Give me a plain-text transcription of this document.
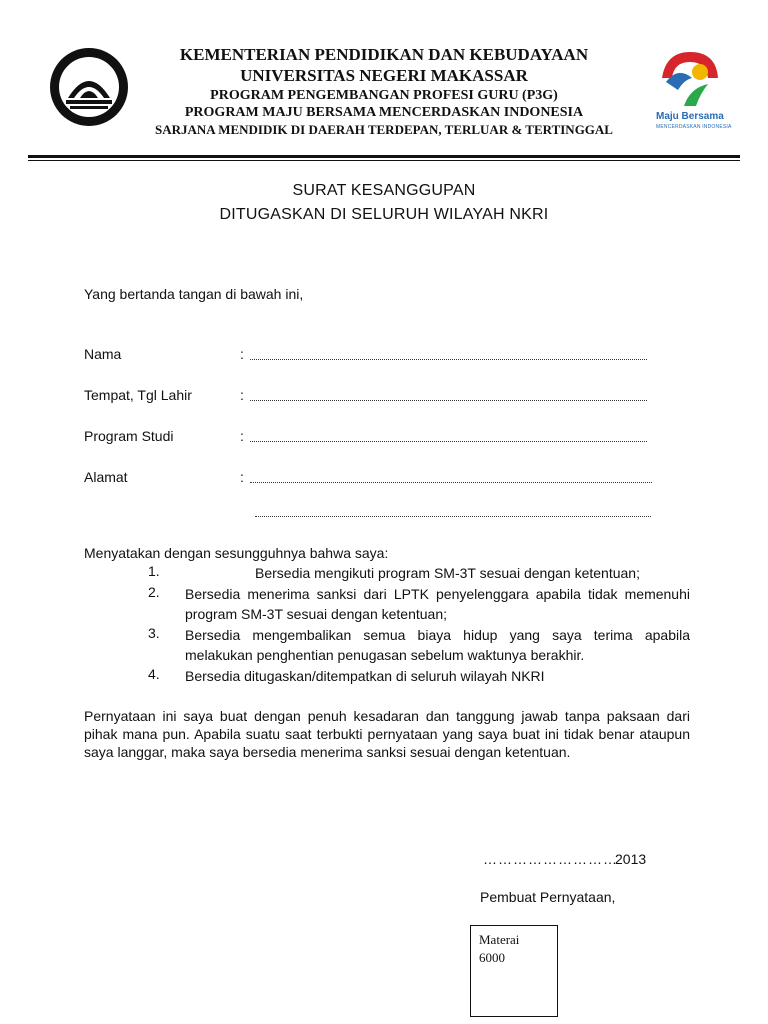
KEMENTERIAN PENDIDIKAN DAN KEBUDAYAAN
UNIVERSITAS NEGERI MAKASSAR
PROGRAM PENGEMBANGAN PROFESI GURU (P3G)
PROGRAM MAJU BERSAMA MENCERDASKAN INDONESIA
SARJANA MENDIDIK DI DAERAH TERDEPAN, TERLUAR & TERTINGGAL
Maju Bersama
MENCERDASKAN INDONESIA
SURAT KESANGGUPAN
DITUGASKAN DI SELURUH WILAYAH NKRI
Yang bertanda tangan di bawah ini,
Nama	:
Tempat, Tgl Lahir	:
Program Studi	:
Alamat	:
Menyatakan dengan sesungguhnya bahwa saya:
1.	Bersedia mengikuti program SM-3T sesuai dengan ketentuan;
2. Bersedia menerima sanksi dari LPTK penyelenggara apabila tidak memenuhi program SM-3T sesuai dengan ketentuan;
3. Bersedia mengembalikan semua biaya hidup yang saya terima apabila melakukan penghentian penugasan sebelum waktunya berakhir.
4. Bersedia ditugaskan/ditempatkan di seluruh wilayah NKRI
Pernyataan ini saya buat dengan penuh kesadaran dan tanggung jawab tanpa paksaan dari pihak mana pun. Apabila suatu saat terbukti pernyataan yang saya buat ini tidak benar ataupun saya langgar, maka saya bersedia menerima sanksi sesuai dengan ketentuan.
………………………
2013
Pembuat Pernyataan,
Materai
6000
